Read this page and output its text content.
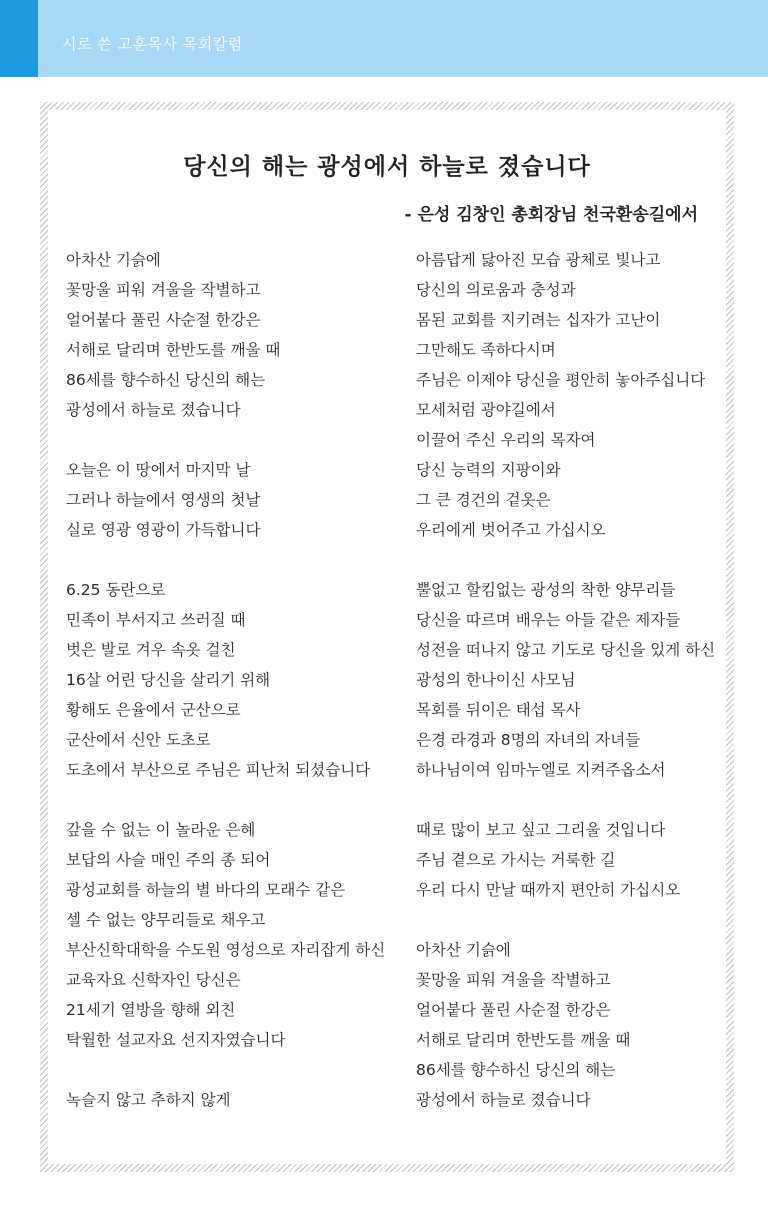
시로 쓴 고훈목사 목회칼럼
당신의 해는 광성에서 하늘로 졌습니다
- 은성 김창인 총회장님 천국환송길에서
아차산 기슭에
꽃망울 피워 겨울을 작별하고
얼어붙다 풀린 사순절 한강은
서해로 달리며 한반도를 깨울 때
86세를 향수하신 당신의 해는
광성에서 하늘로 졌습니다
오늘은 이 땅에서 마지막 날
그러나 하늘에서 영생의 첫날
실로 영광 영광이 가득합니다
6.25 동란으로
민족이 부서지고 쓰러질 때
벗은 발로 겨우 속옷 걸친
16살 어린 당신을 살리기 위해
황해도 은율에서 군산으로
군산에서 신안 도초로
도초에서 부산으로 주님은 피난처 되셨습니다
갚을 수 없는 이 놀라운 은혜
보답의 사슬 매인 주의 종 되어
광성교회를 하늘의 별 바다의 모래수 같은
셀 수 없는 양무리들로 채우고
부산신학대학을 수도원 영성으로 자리잡게 하신
교육자요 신학자인 당신은
21세기 열방을 향해 외친
탁월한 설교자요 선지자였습니다
녹슬지 않고 추하지 않게
아름답게 닳아진 모습 광체로 빛나고
당신의 의로움과 충성과
몸된 교회를 지키려는 십자가 고난이
그만해도 족하다시며
주님은 이제야 당신을 평안히 놓아주십니다
모세처럼 광야길에서
이끌어 주신 우리의 목자여
당신 능력의 지팡이와
그 큰 경건의 겉옷은
우리에게 벗어주고 가십시오
뿔없고 할킴없는 광성의 착한 양무리들
당신을 따르며 배우는 아들 같은 제자들
성전을 떠나지 않고 기도로 당신을 있게 하신
광성의 한나이신 사모님
목회를 뒤이은 태섭 목사
은경 라경과 8명의 자녀의 자녀들
하나님이여 임마누엘로 지켜주옵소서
때로 많이 보고 싶고 그리울 것입니다
주님 곁으로 가시는 거룩한 길
우리 다시 만날 때까지 편안히 가십시오
아차산 기슭에
꽃망울 피워 겨울을 작별하고
얼어붙다 풀린 사순절 한강은
서해로 달리며 한반도를 깨울 때
86세를 향수하신 당신의 해는
광성에서 하늘로 졌습니다
